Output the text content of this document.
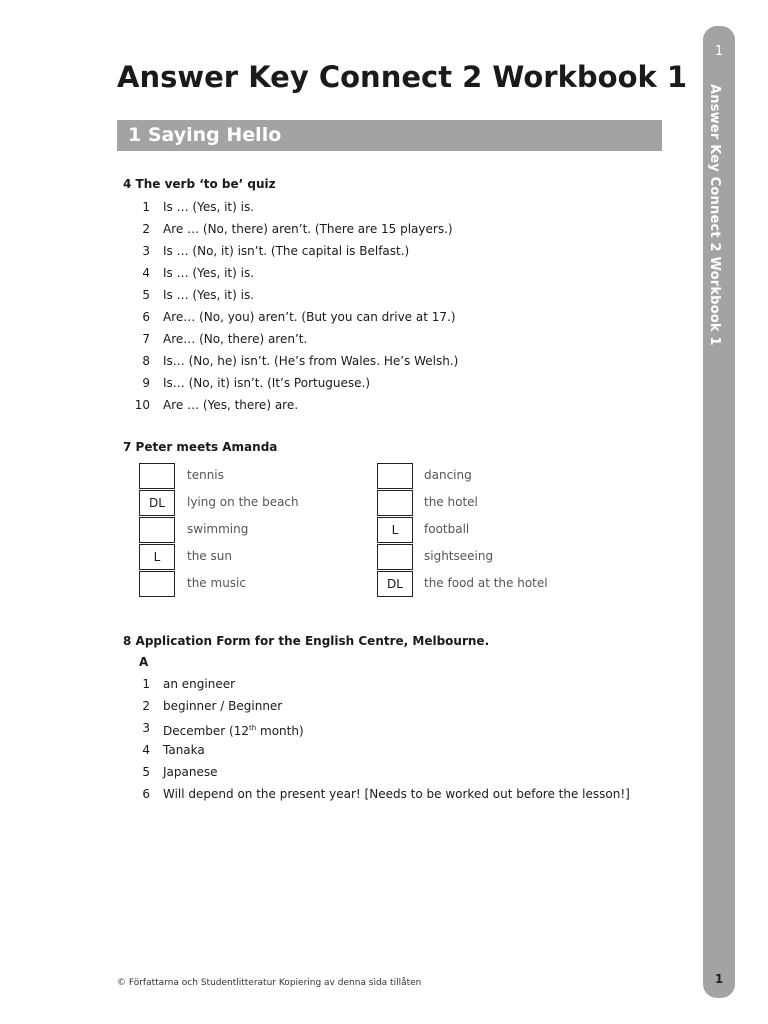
1
Answer Key Connect 2 Workbook 1
1
Answer Key Connect 2 Workbook 1
1 Saying Hello
4 The verb ‘to be’ quiz
1 Is … (Yes, it) is.
2 Are … (No, there) aren’t. (There are 15 players.)
3 Is … (No, it) isn’t. (The capital is Belfast.)
4 Is … (Yes, it) is.
5 Is … (Yes, it) is.
6 Are… (No, you) aren’t. (But you can drive at 17.)
7 Are… (No, there) aren’t.
8 Is… (No, he) isn’t. (He’s from Wales. He’s Welsh.)
9 Is… (No, it) isn’t. (It’s Portuguese.)
10 Are … (Yes, there) are.
7 Peter meets Amanda
tennis
DL	lying on the beach
swimming
L	the sun
the music
dancing
the hotel
L	football
sightseeing
DL	the food at the hotel
8 Application Form for the English Centre, Melbourne.
A
1 an engineer
2 beginner / Beginner
3 December (12th month)
4 Tanaka
5 Japanese
6 Will depend on the present year! [Needs to be worked out before the lesson!]
© Författarna och Studentlitteratur Kopiering av denna sida tillåten
